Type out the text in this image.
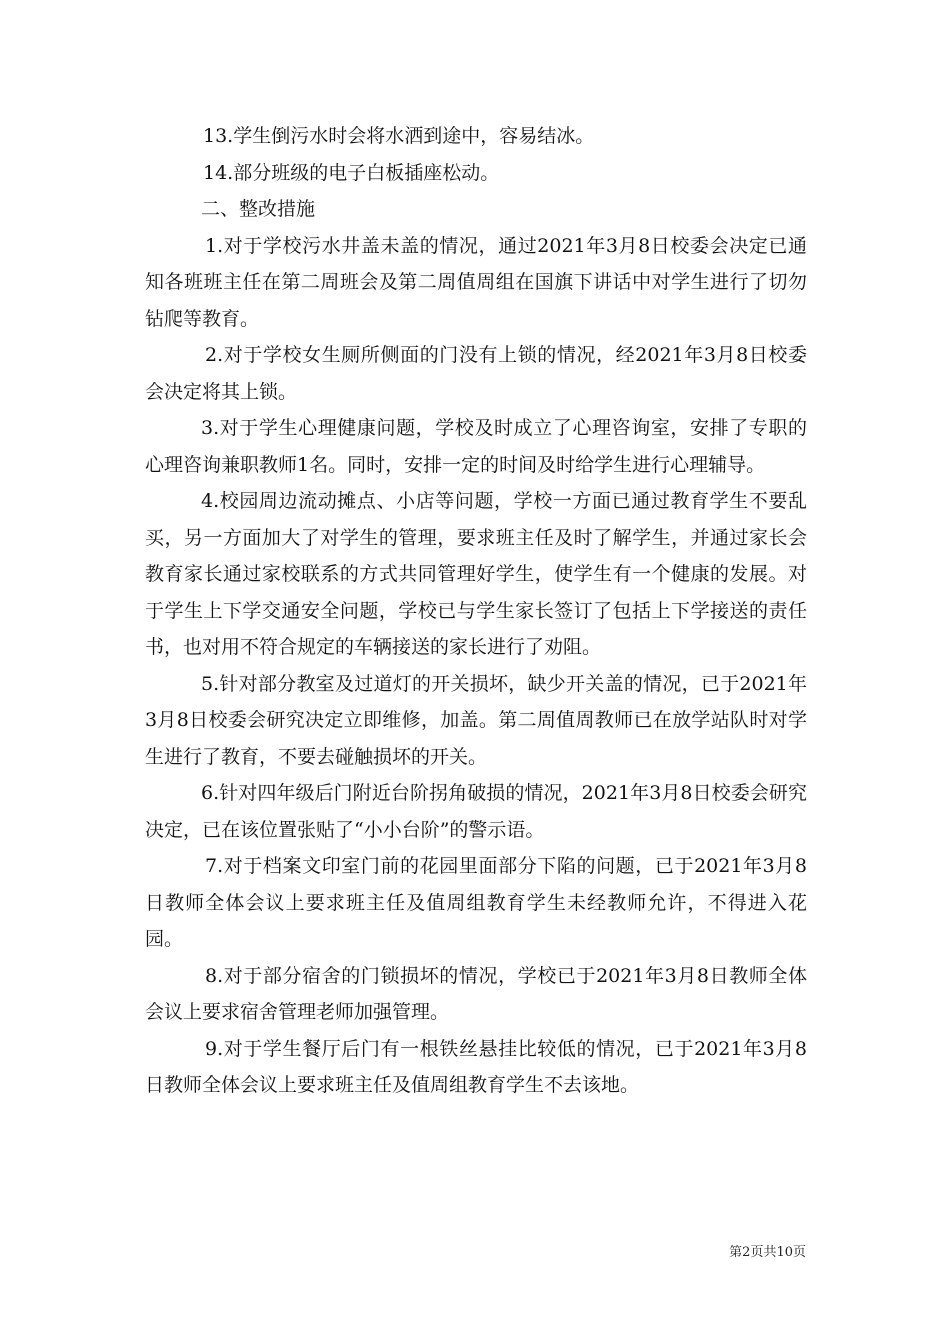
13.学生倒污水时会将水洒到途中，容易结冰。

14.部分班级的电子白板插座松动。

二、整改措施

1.对于学校污水井盖未盖的情况，通过2021年3月8日校委会决定已通知各班班主任在第二周班会及第二周值周组在国旗下讲话中对学生进行了切勿钻爬等教育。

2.对于学校女生厕所侧面的门没有上锁的情况，经2021年3月8日校委会决定将其上锁。

3.对于学生心理健康问题，学校及时成立了心理咨询室，安排了专职的心理咨询兼职教师1名。同时，安排一定的时间及时给学生进行心理辅导。

4.校园周边流动摊点、小店等问题，学校一方面已通过教育学生不要乱买，另一方面加大了对学生的管理，要求班主任及时了解学生，并通过家长会教育家长通过家校联系的方式共同管理好学生，使学生有一个健康的发展。对于学生上下学交通安全问题，学校已与学生家长签订了包括上下学接送的责任书，也对用不符合规定的车辆接送的家长进行了劝阻。

5.针对部分教室及过道灯的开关损坏，缺少开关盖的情况，已于2021年3月8日校委会研究决定立即维修，加盖。第二周值周教师已在放学站队时对学生进行了教育，不要去碰触损坏的开关。

6.针对四年级后门附近台阶拐角破损的情况，2021年3月8日校委会研究决定，已在该位置张贴了“小小台阶”的警示语。

7.对于档案文印室门前的花园里面部分下陷的问题，已于2021年3月8日教师全体会议上要求班主任及值周组教育学生未经教师允许，不得进入花园。

8.对于部分宿舍的门锁损坏的情况，学校已于2021年3月8日教师全体会议上要求宿舍管理老师加强管理。

9.对于学生餐厅后门有一根铁丝悬挂比较低的情况，已于2021年3月8日教师全体会议上要求班主任及值周组教育学生不去该地。

第2页共10页
